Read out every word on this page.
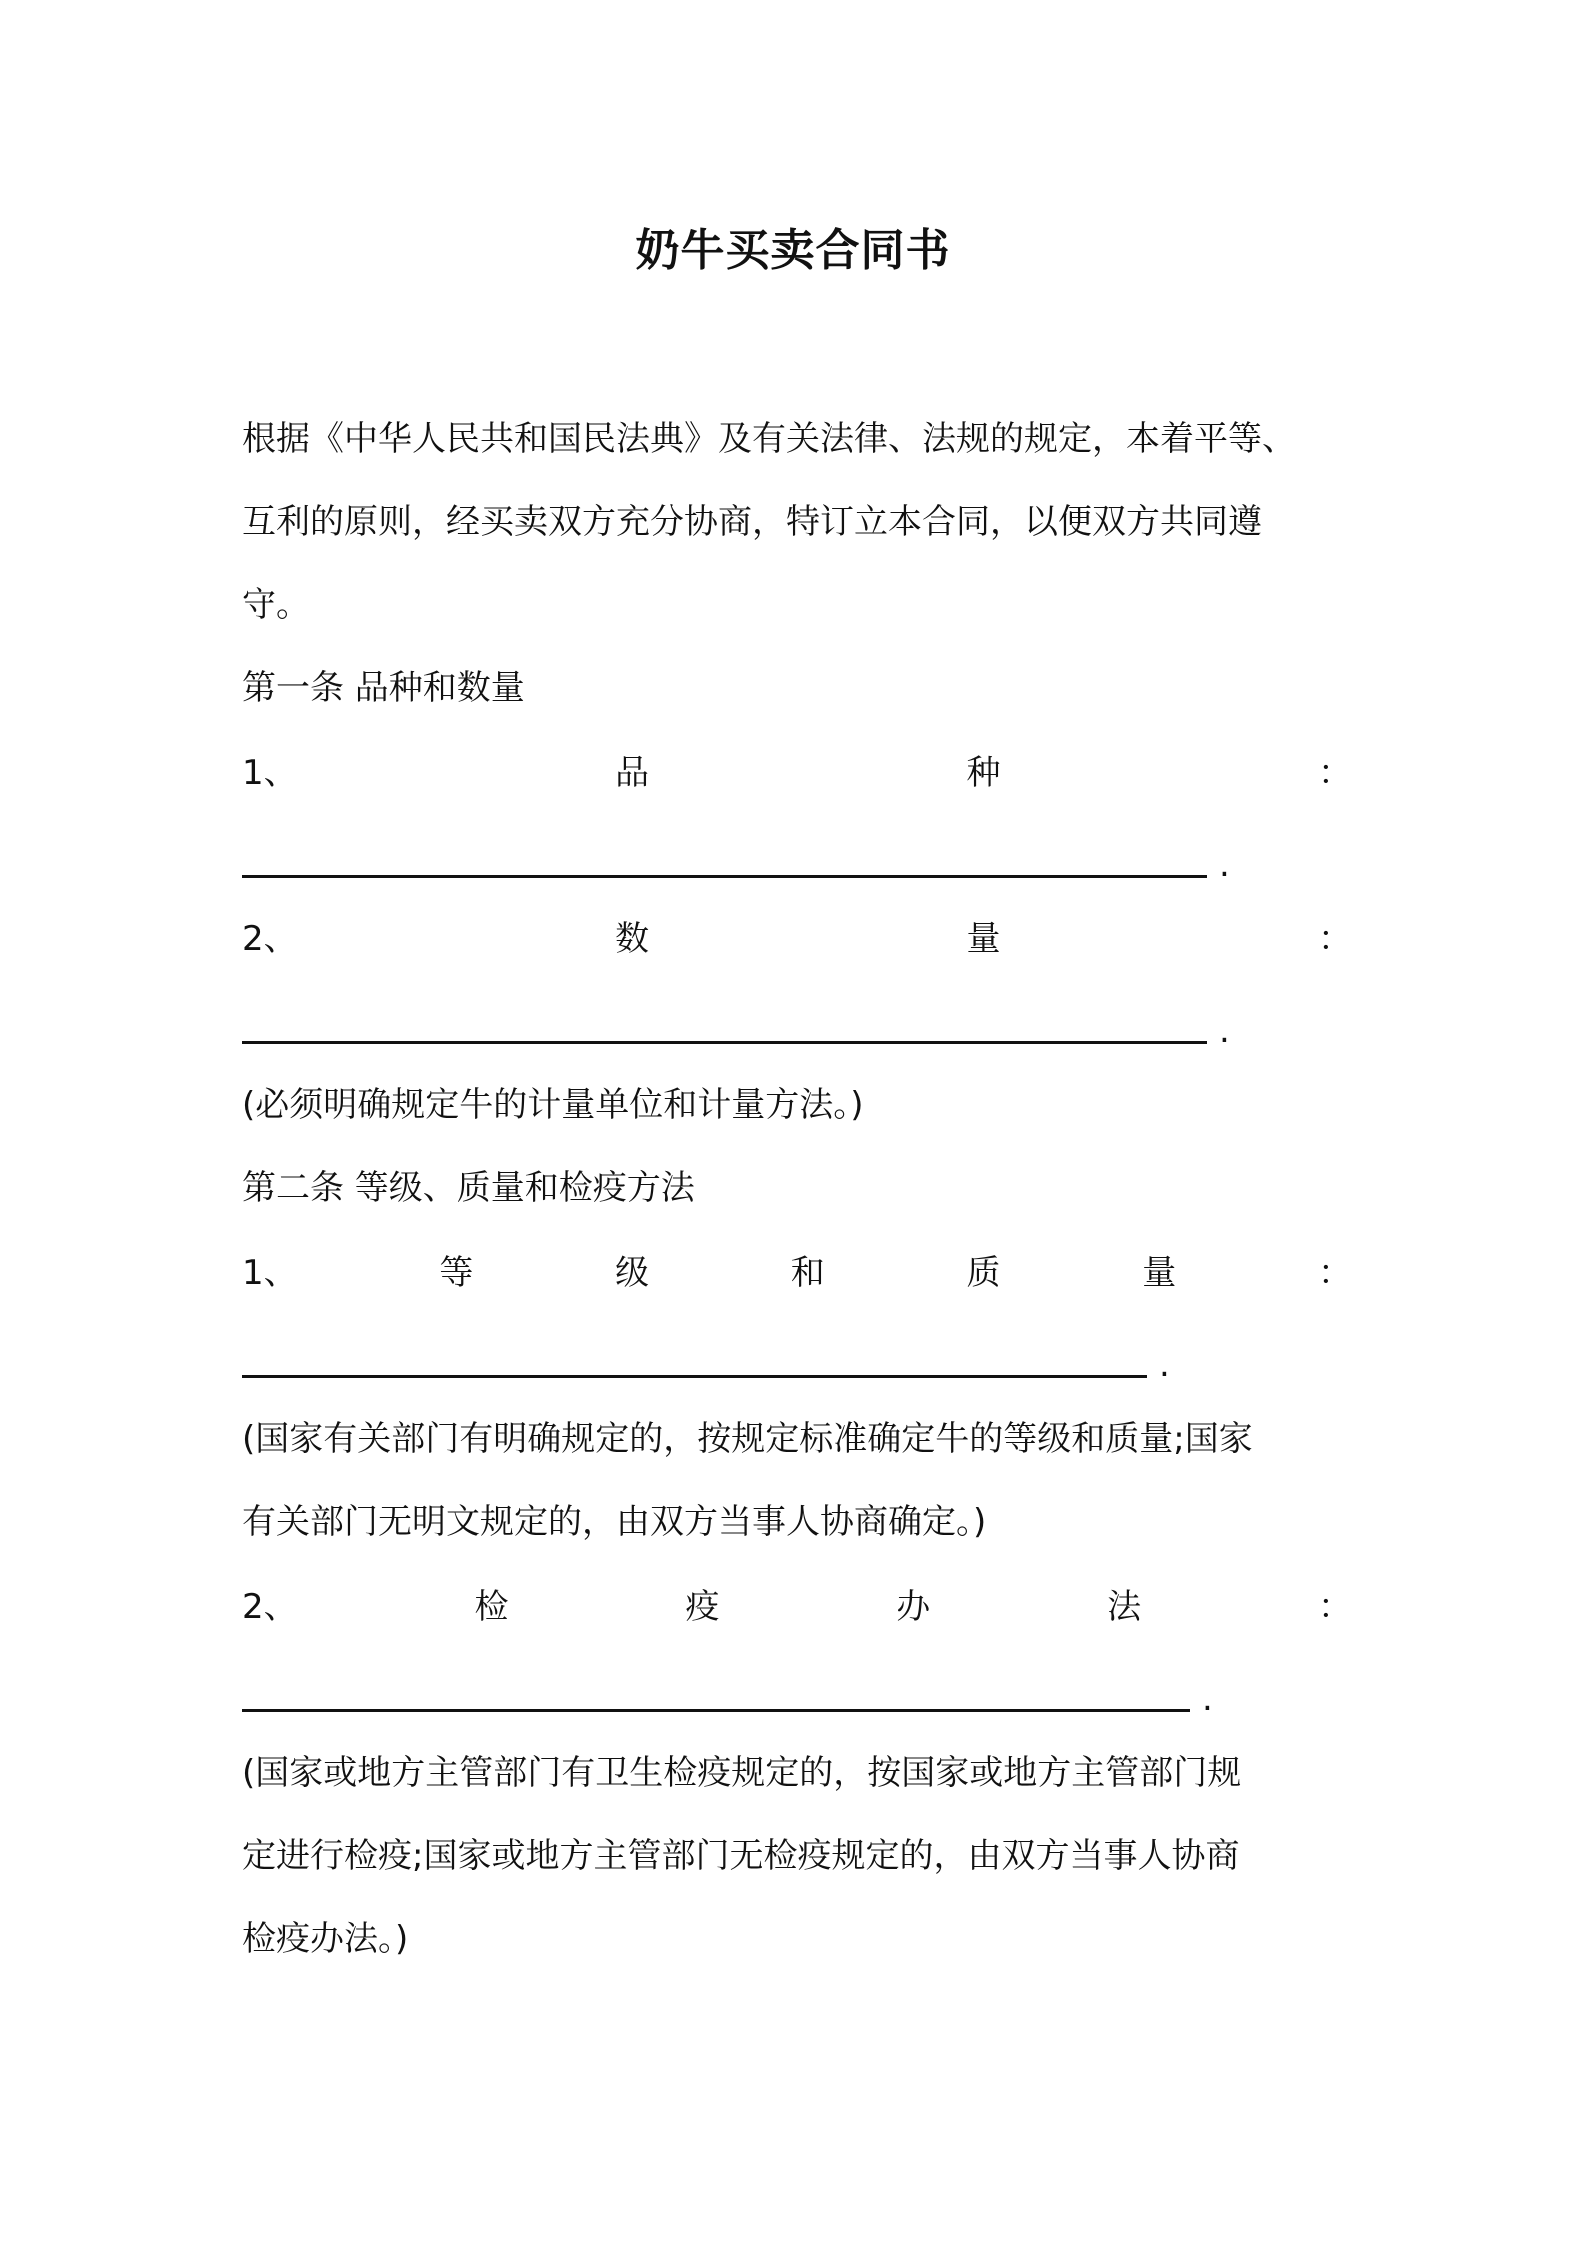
奶牛买卖合同书
根据《中华人民共和国民法典》及有关法律、法规的规定，本着平等、
互利的原则，经买卖双方充分协商，特订立本合同，以便双方共同遵
守。
第一条 品种和数量
1、	品	种	：
.
2、	数	量	：
.
(必须明确规定牛的计量单位和计量方法。)
第二条 等级、质量和检疫方法
1、	等	级	和	质	量	：
.
(国家有关部门有明确规定的，按规定标准确定牛的等级和质量;国家
有关部门无明文规定的，由双方当事人协商确定。)
2、	检	疫	办	法	：
.
(国家或地方主管部门有卫生检疫规定的，按国家或地方主管部门规
定进行检疫;国家或地方主管部门无检疫规定的，由双方当事人协商
检疫办法。)
